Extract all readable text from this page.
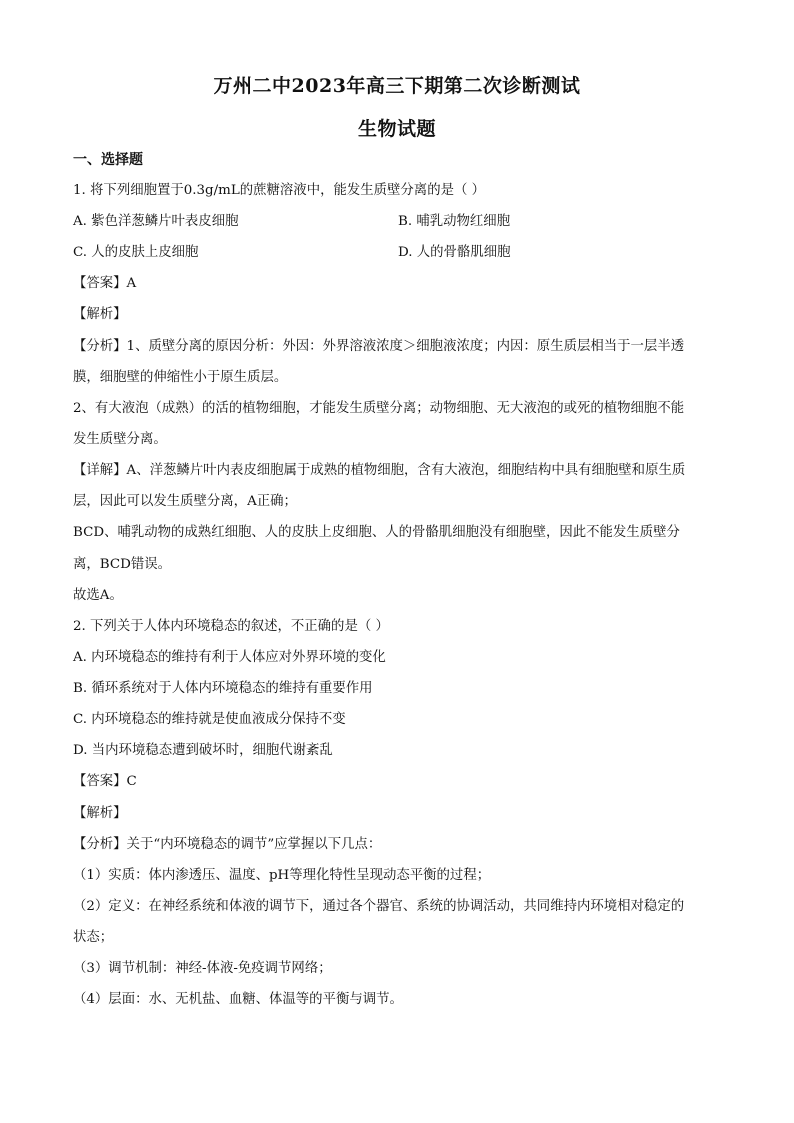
万州二中2023年高三下期第二次诊断测试
生物试题
一、选择题
1. 将下列细胞置于0.3g/mL的蔗糖溶液中，能发生质壁分离的是（ ）
A. 紫色洋葱鳞片叶表皮细胞	B. 哺乳动物红细胞
C. 人的皮肤上皮细胞	D. 人的骨骼肌细胞
【答案】A
【解析】
【分析】1、质壁分离的原因分析：外因：外界溶液浓度＞细胞液浓度；内因：原生质层相当于一层半透
膜，细胞壁的伸缩性小于原生质层。
2、有大液泡（成熟）的活的植物细胞，才能发生质壁分离；动物细胞、无大液泡的或死的植物细胞不能
发生质壁分离。
【详解】A、洋葱鳞片叶内表皮细胞属于成熟的植物细胞，含有大液泡，细胞结构中具有细胞壁和原生质
层，因此可以发生质壁分离，A正确；
BCD、哺乳动物的成熟红细胞、人的皮肤上皮细胞、人的骨骼肌细胞没有细胞壁，因此不能发生质壁分
离，BCD错误。
故选A。
2. 下列关于人体内环境稳态的叙述，不正确的是（ ）
A. 内环境稳态的维持有利于人体应对外界环境的变化
B. 循环系统对于人体内环境稳态的维持有重要作用
C. 内环境稳态的维持就是使血液成分保持不变
D. 当内环境稳态遭到破坏时，细胞代谢紊乱
【答案】C
【解析】
【分析】关于“内环境稳态的调节”应掌握以下几点：
（1）实质：体内渗透压、温度、pH等理化特性呈现动态平衡的过程；
（2）定义：在神经系统和体液的调节下，通过各个器官、系统的协调活动，共同维持内环境相对稳定的
状态；
（3）调节机制：神经-体液-免疫调节网络；
（4）层面：水、无机盐、血糖、体温等的平衡与调节。
